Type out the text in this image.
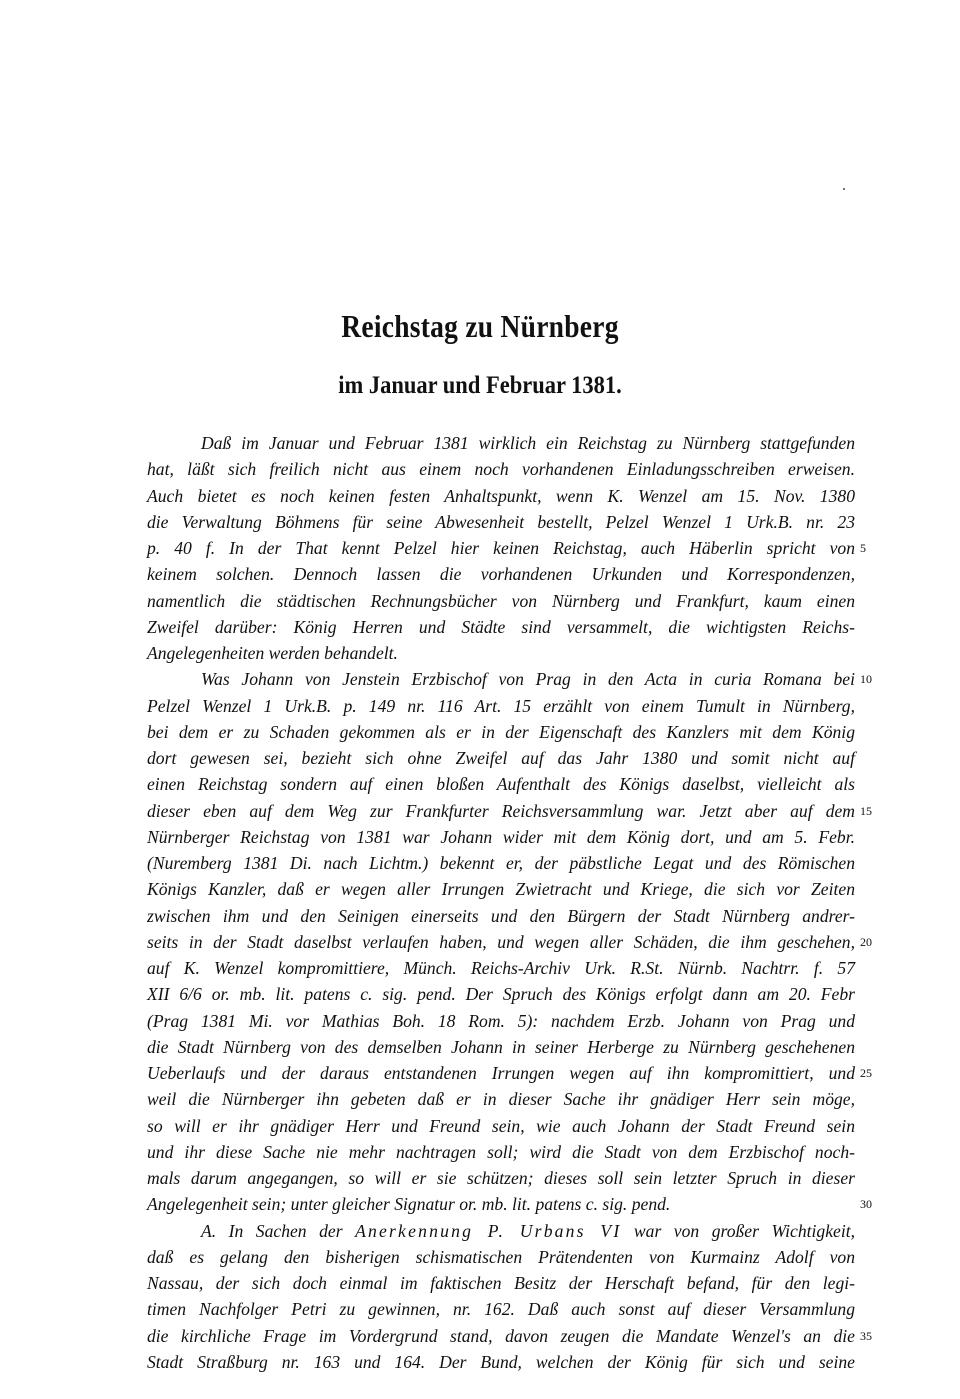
Reichstag zu Nürnberg
im Januar und Februar 1381.
Daß im Januar und Februar 1381 wirklich ein Reichstag zu Nürnberg stattgefunden
hat, läßt sich freilich nicht aus einem noch vorhandenen Einladungsschreiben erweisen.
Auch bietet es noch keinen festen Anhaltspunkt, wenn K. Wenzel am 15. Nov. 1380
die Verwaltung Böhmens für seine Abwesenheit bestellt, Pelzel Wenzel 1 Urk.B. nr. 23
p. 40 f. In der That kennt Pelzel hier keinen Reichstag, auch Häberlin spricht von
keinem solchen. Dennoch lassen die vorhandenen Urkunden und Korrespondenzen,
namentlich die städtischen Rechnungsbücher von Nürnberg und Frankfurt, kaum einen
Zweifel darüber: König Herren und Städte sind versammelt, die wichtigsten Reichs-
Angelegenheiten werden behandelt.
Was Johann von Jenstein Erzbischof von Prag in den Acta in curia Romana bei
Pelzel Wenzel 1 Urk.B. p. 149 nr. 116 Art. 15 erzählt von einem Tumult in Nürnberg,
bei dem er zu Schaden gekommen als er in der Eigenschaft des Kanzlers mit dem König
dort gewesen sei, bezieht sich ohne Zweifel auf das Jahr 1380 und somit nicht auf
einen Reichstag sondern auf einen bloßen Aufenthalt des Königs daselbst, vielleicht als
dieser eben auf dem Weg zur Frankfurter Reichsversammlung war. Jetzt aber auf dem
Nürnberger Reichstag von 1381 war Johann wider mit dem König dort, und am 5. Febr.
(Nuremberg 1381 Di. nach Lichtm.) bekennt er, der päbstliche Legat und des Römischen
Königs Kanzler, daß er wegen aller Irrungen Zwietracht und Kriege, die sich vor Zeiten
zwischen ihm und den Seinigen einerseits und den Bürgern der Stadt Nürnberg andrer-
seits in der Stadt daselbst verlaufen haben, und wegen aller Schäden, die ihm geschehen,
auf K. Wenzel kompromittiere, Münch. Reichs-Archiv Urk. R.St. Nürnb. Nachtrr. f. 57
XII 6/6 or. mb. lit. patens c. sig. pend. Der Spruch des Königs erfolgt dann am 20. Febr
(Prag 1381 Mi. vor Mathias Boh. 18 Rom. 5): nachdem Erzb. Johann von Prag und
die Stadt Nürnberg von des demselben Johann in seiner Herberge zu Nürnberg geschehenen
Ueberlaufs und der daraus entstandenen Irrungen wegen auf ihn kompromittiert, und
weil die Nürnberger ihn gebeten daß er in dieser Sache ihr gnädiger Herr sein möge,
so will er ihr gnädiger Herr und Freund sein, wie auch Johann der Stadt Freund sein
und ihr diese Sache nie mehr nachtragen soll; wird die Stadt von dem Erzbischof noch-
mals darum angegangen, so will er sie schützen; dieses soll sein letzter Spruch in dieser
Angelegenheit sein; unter gleicher Signatur or. mb. lit. patens c. sig. pend.
A. In Sachen der Anerkennung P. Urbans VI war von großer Wichtigkeit,
daß es gelang den bisherigen schismatischen Prätendenten von Kurmainz Adolf von
Nassau, der sich doch einmal im faktischen Besitz der Herschaft befand, für den legi-
timen Nachfolger Petri zu gewinnen, nr. 162. Daß auch sonst auf dieser Versammlung
die kirchliche Frage im Vordergrund stand, davon zeugen die Mandate Wenzel's an die
Stadt Straßburg nr. 163 und 164. Der Bund, welchen der König für sich und seine
5
10
15
20
25
30
35
